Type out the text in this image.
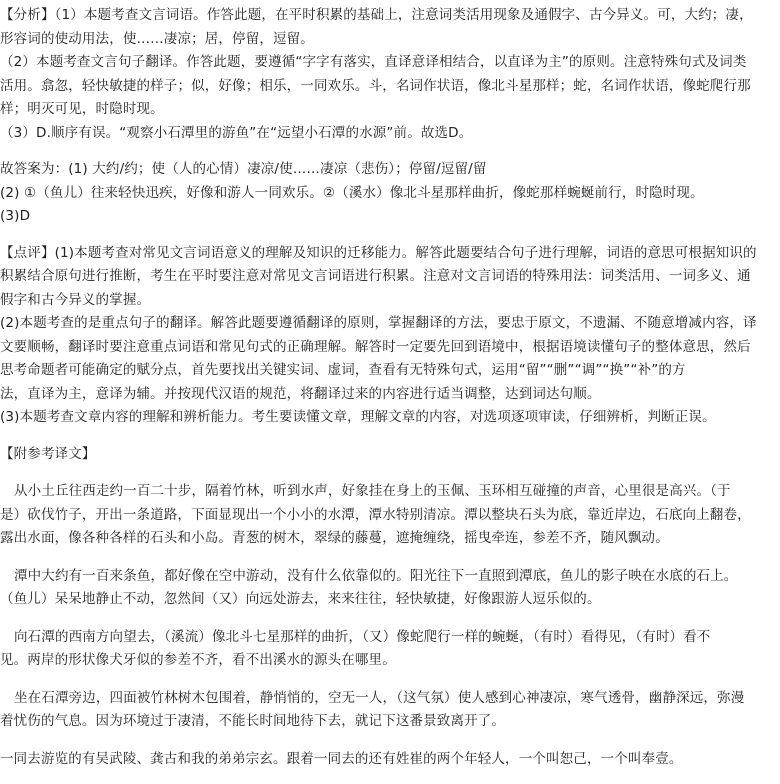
【分析】（1）本题考查文言词语。作答此题，在平时积累的基础上，注意词类活用现象及通假字、古今异义。可，大约；凄，

形容词的使动用法，使……凄凉；居，停留，逗留。

（2）本题考查文言句子翻译。作答此题，要遵循“字字有落实，直译意译相结合，以直译为主”的原则。注意特殊句式及词类

活用。翕忽，轻快敏捷的样子；似，好像；相乐，一同欢乐。斗，名词作状语，像北斗星那样；蛇，名词作状语，像蛇爬行那

样；明灭可见，时隐时现。

（3）D.顺序有误。“观察小石潭里的游鱼”在“远望小石潭的水源”前。故选D。

故答案为：(1) 大约/约；使（人的心情）凄凉/使……凄凉（悲伤）；停留/逗留/留

(2) ①（鱼儿）往来轻快迅疾，好像和游人一同欢乐。②（溪水）像北斗星那样曲折，像蛇那样蜿蜒前行，时隐时现。

(3)D

【点评】(1)本题考查对常见文言词语意义的理解及知识的迁移能力。解答此题要结合句子进行理解，词语的意思可根据知识的

积累结合原句进行推断，考生在平时要注意对常见文言词语进行积累。注意对文言词语的特殊用法：词类活用、一词多义、通

假字和古今异义的掌握。

(2)本题考查的是重点句子的翻译。解答此题要遵循翻译的原则，掌握翻译的方法，要忠于原文，不遗漏、不随意增减内容，译

文要顺畅，翻译时要注意重点词语和常见句式的正确理解。解答时一定要先回到语境中，根据语境读懂句子的整体意思，然后

思考命题者可能确定的赋分点，首先要找出关键实词、虚词，查看有无特殊句式，运用“留”“删”“调”“换”“补”的方

法，直译为主，意译为辅。并按现代汉语的规范，将翻译过来的内容进行适当调整，达到词达句顺。

(3)本题考查文章内容的理解和辨析能力。考生要读懂文章，理解文章的内容，对选项逐项审读，仔细辨析，判断正误。

【附参考译文】

从小土丘往西走约一百二十步，隔着竹林，听到水声，好象挂在身上的玉佩、玉环相互碰撞的声音，心里很是高兴。（于

是）砍伐竹子，开出一条道路，下面显现出一个小小的水潭，潭水特别清凉。潭以整块石头为底，靠近岸边，石底向上翻卷，

露出水面，像各种各样的石头和小岛。青葱的树木，翠绿的藤蔓，遮掩缠绕，摇曳牵连，参差不齐，随风飘动。

潭中大约有一百来条鱼，都好像在空中游动，没有什么依靠似的。阳光往下一直照到潭底，鱼儿的影子映在水底的石上。

（鱼儿）呆呆地静止不动，忽然间（又）向远处游去，来来往往，轻快敏捷，好像跟游人逗乐似的。

向石潭的西南方向望去，（溪流）像北斗七星那样的曲折，（又）像蛇爬行一样的蜿蜒，（有时）看得见，（有时）看不

见。两岸的形状像犬牙似的参差不齐，看不出溪水的源头在哪里。

坐在石潭旁边，四面被竹林树木包围着，静悄悄的，空无一人，（这气氛）使人感到心神凄凉，寒气透骨，幽静深远，弥漫

着忧伤的气息。因为环境过于凄清，不能长时间地待下去，就记下这番景致离开了。

一同去游览的有吴武陵、龚古和我的弟弟宗玄。跟着一同去的还有姓崔的两个年轻人，一个叫恕己，一个叫奉壹。
